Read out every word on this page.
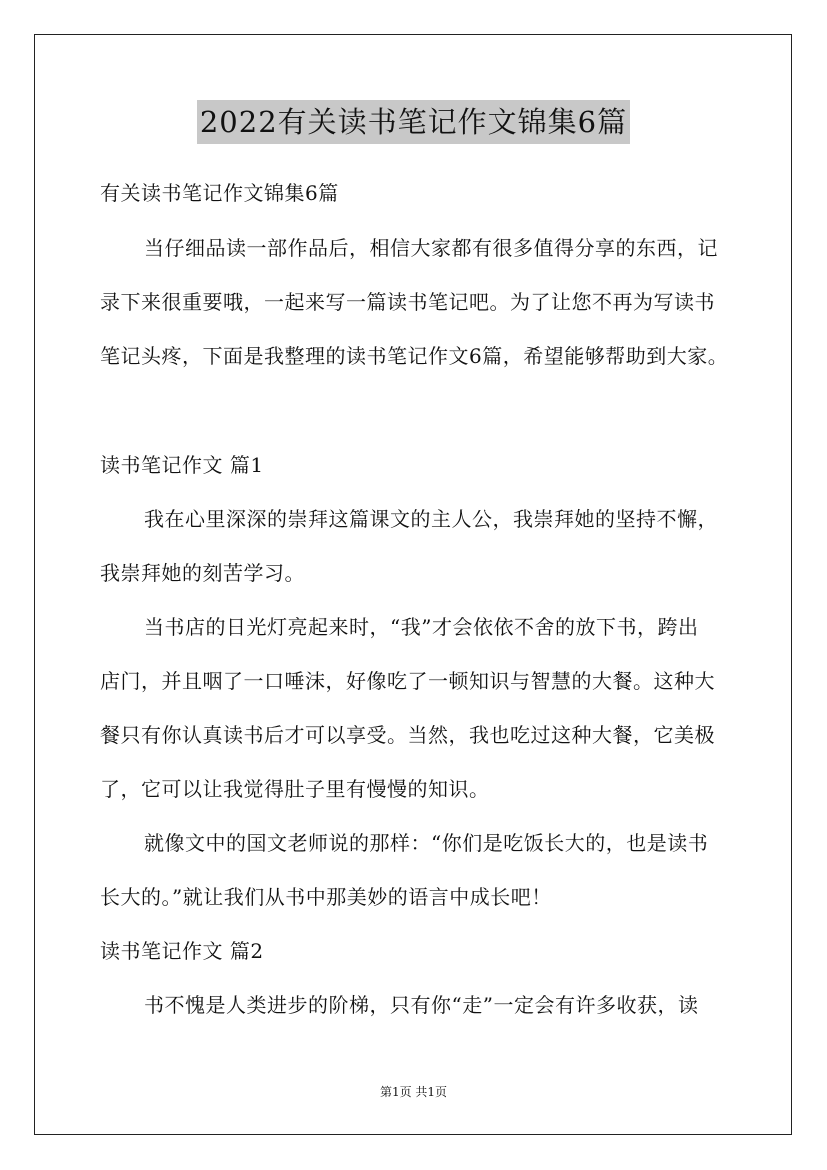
2022有关读书笔记作文锦集6篇
有关读书笔记作文锦集6篇
当仔细品读一部作品后，相信大家都有很多值得分享的东西，记
录下来很重要哦，一起来写一篇读书笔记吧。为了让您不再为写读书
笔记头疼，下面是我整理的读书笔记作文6篇，希望能够帮助到大家。
读书笔记作文 篇1
我在心里深深的崇拜这篇课文的主人公，我崇拜她的坚持不懈，
我崇拜她的刻苦学习。
当书店的日光灯亮起来时，“我”才会依依不舍的放下书，跨出
店门，并且咽了一口唾沫，好像吃了一顿知识与智慧的大餐。这种大
餐只有你认真读书后才可以享受。当然，我也吃过这种大餐，它美极
了，它可以让我觉得肚子里有慢慢的知识。
就像文中的国文老师说的那样：“你们是吃饭长大的，也是读书
长大的。”就让我们从书中那美妙的语言中成长吧！
读书笔记作文 篇2
书不愧是人类进步的阶梯，只有你“走”一定会有许多收获，读
第1页 共1页
